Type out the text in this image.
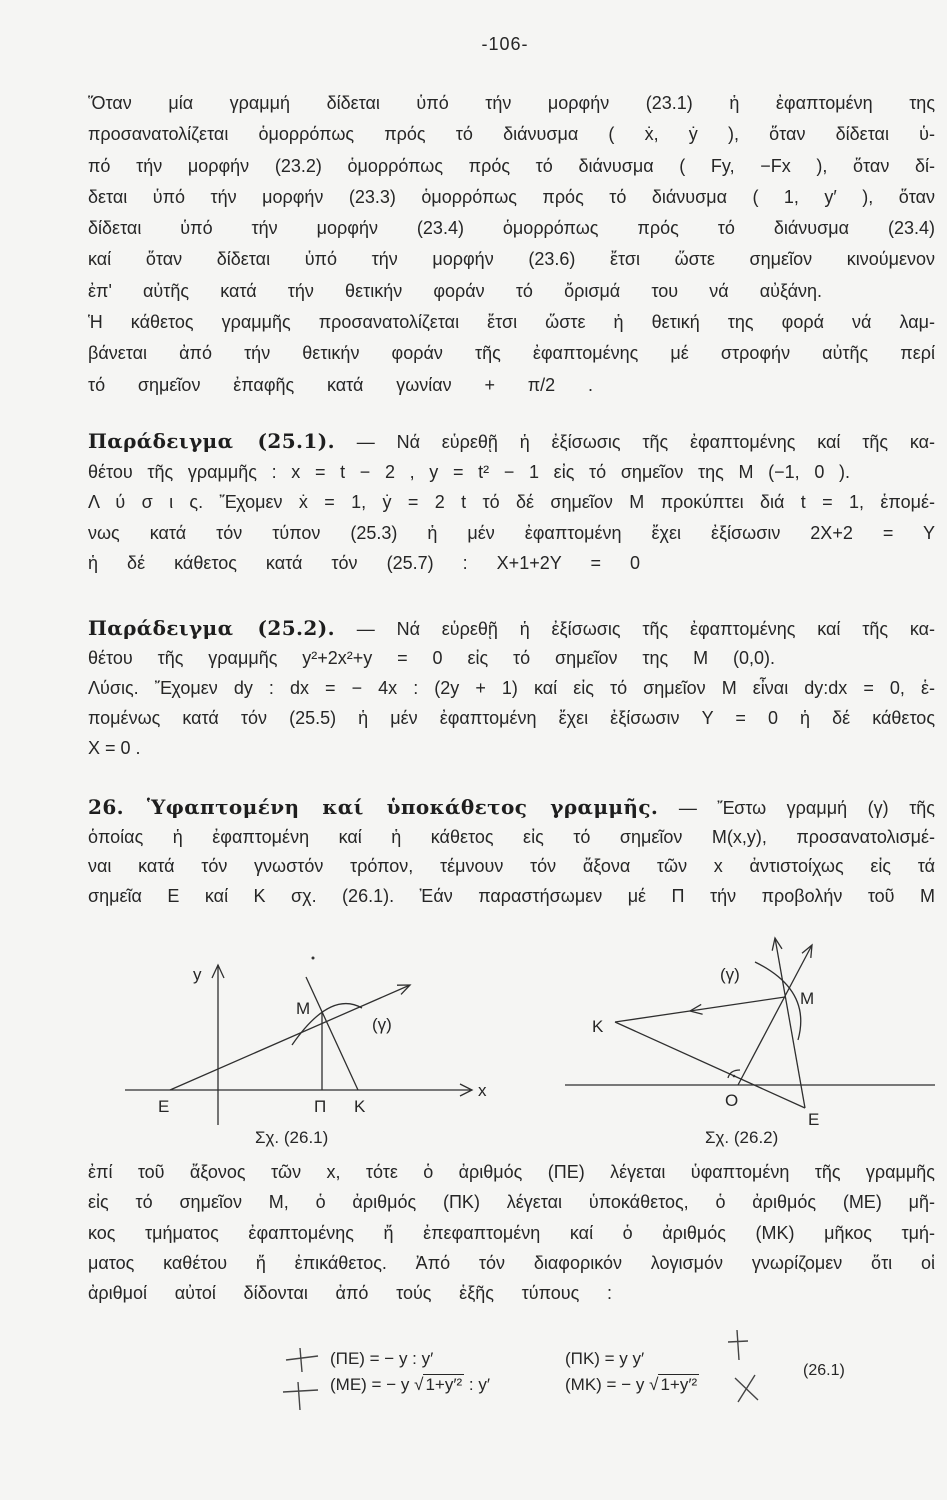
-106-
Ὅταν μία γραμμή δίδεται ὑπό τήν μορφήν (23.1) ἡ ἐφαπτομένη της
προσανατολίζεται ὁμορρόπως πρός τό διάνυσμα ( ẋ, ẏ ), ὅταν δίδεται ὑ-
πό τήν μορφήν (23.2) ὁμορρόπως πρός τό διάνυσμα ( Fy, −Fx ), ὅταν δί-
δεται ὑπό τήν μορφήν (23.3) ὁμορρόπως πρός τό διάνυσμα ( 1, y′ ), ὅταν
δίδεται ὑπό τήν μορφήν (23.4) ὁμορρόπως πρός τό διάνυσμα (23.4)
καί ὅταν δίδεται ὑπό τήν μορφήν (23.6) ἔτσι ὥστε σημεῖον κινούμενον
ἐπ' αὐτῆς κατά τήν θετικήν φοράν τό ὄρισμά του νά αὐξάνη.
Ἡ κάθετος γραμμῆς προσανατολίζεται ἔτσι ὥστε ἡ θετική της φορά νά λαμ-
βάνεται ἀπό τήν θετικήν φοράν τῆς ἐφαπτομένης μέ στροφήν αὐτῆς περί
τό σημεῖον ἐπαφῆς κατά γωνίαν + π/2 .
Παράδειγμα (25.1). — Νά εὑρεθῇ ἡ ἐξίσωσις τῆς ἐφαπτομένης καί τῆς κα-
θέτου τῆς γραμμῆς : x = t − 2 , y = t² − 1 εἰς τό σημεῖον της M (−1, 0 ).
Λ ύ σ ι ς. Ἔχομεν ẋ = 1, ẏ = 2 t τό δέ σημεῖον M προκύπτει διά t = 1, ἑπομέ-
νως κατά τόν τύπον (25.3) ἡ μέν ἐφαπτομένη ἔχει ἐξίσωσιν 2X+2 = Y
ἡ δέ κάθετος κατά τόν (25.7) : X+1+2Y = 0
Παράδειγμα (25.2). — Νά εὑρεθῇ ἡ ἐξίσωσις τῆς ἐφαπτομένης καί τῆς κα-
θέτου τῆς γραμμῆς y²+2x²+y = 0 εἰς τό σημεῖον της M (0,0).
Λύσις. Ἔχομεν dy : dx = − 4x : (2y + 1) καί εἰς τό σημεῖον M εἶναι dy:dx = 0, ἑ-
πομένως κατά τόν (25.5) ἡ μέν ἐφαπτομένη ἔχει ἐξίσωσιν Y = 0 ἡ δέ κάθετος
X = 0 .
26. Ὑφαπτομένη καί ὑποκάθετος γραμμῆς. — Ἔστω γραμμή (γ) τῆς
ὁποίας ἡ ἐφαπτομένη καί ἡ κάθετος εἰς τό σημεῖον M(x,y), προσανατολισμέ-
ναι κατά τόν γνωστόν τρόπον, τέμνουν τόν ἄξονα τῶν x ἀντιστοίχως εἰς τά
σημεῖα E καί K σχ. (26.1). Ἐάν παραστήσωμεν μέ Π τήν προβολήν τοῦ M
y
x
M
(γ)
E	Π K
Σχ. (26.1)
(γ)
M
K
O
E
Σχ. (26.2)
ἐπί τοῦ ἄξονος τῶν x, τότε ὁ ἀριθμός (ΠΕ) λέγεται ὑφαπτομένη τῆς γραμμῆς
εἰς τό σημεῖον M, ὁ ἀριθμός (ΠΚ) λέγεται ὑποκάθετος, ὁ ἀριθμός (ΜΕ) μῆ-
κος τμήματος ἐφαπτομένης ἤ ἐπεφαπτομένη καί ὁ ἀριθμός (ΜΚ) μῆκος τμή-
ματος καθέτου ἤ ἐπικάθετος. Ἀπό τόν διαφορικόν λογισμόν γνωρίζομεν ὅτι οἱ
ἀριθμοί αὐτοί δίδονται ἀπό τούς ἑξῆς τύπους :
(ΠΕ) = − y : y′	(ΠΚ) = y y′
(ΜΕ) = − y √ 1+y′² : y′	(ΜΚ) = − y √ 1+y′²
(26.1)
